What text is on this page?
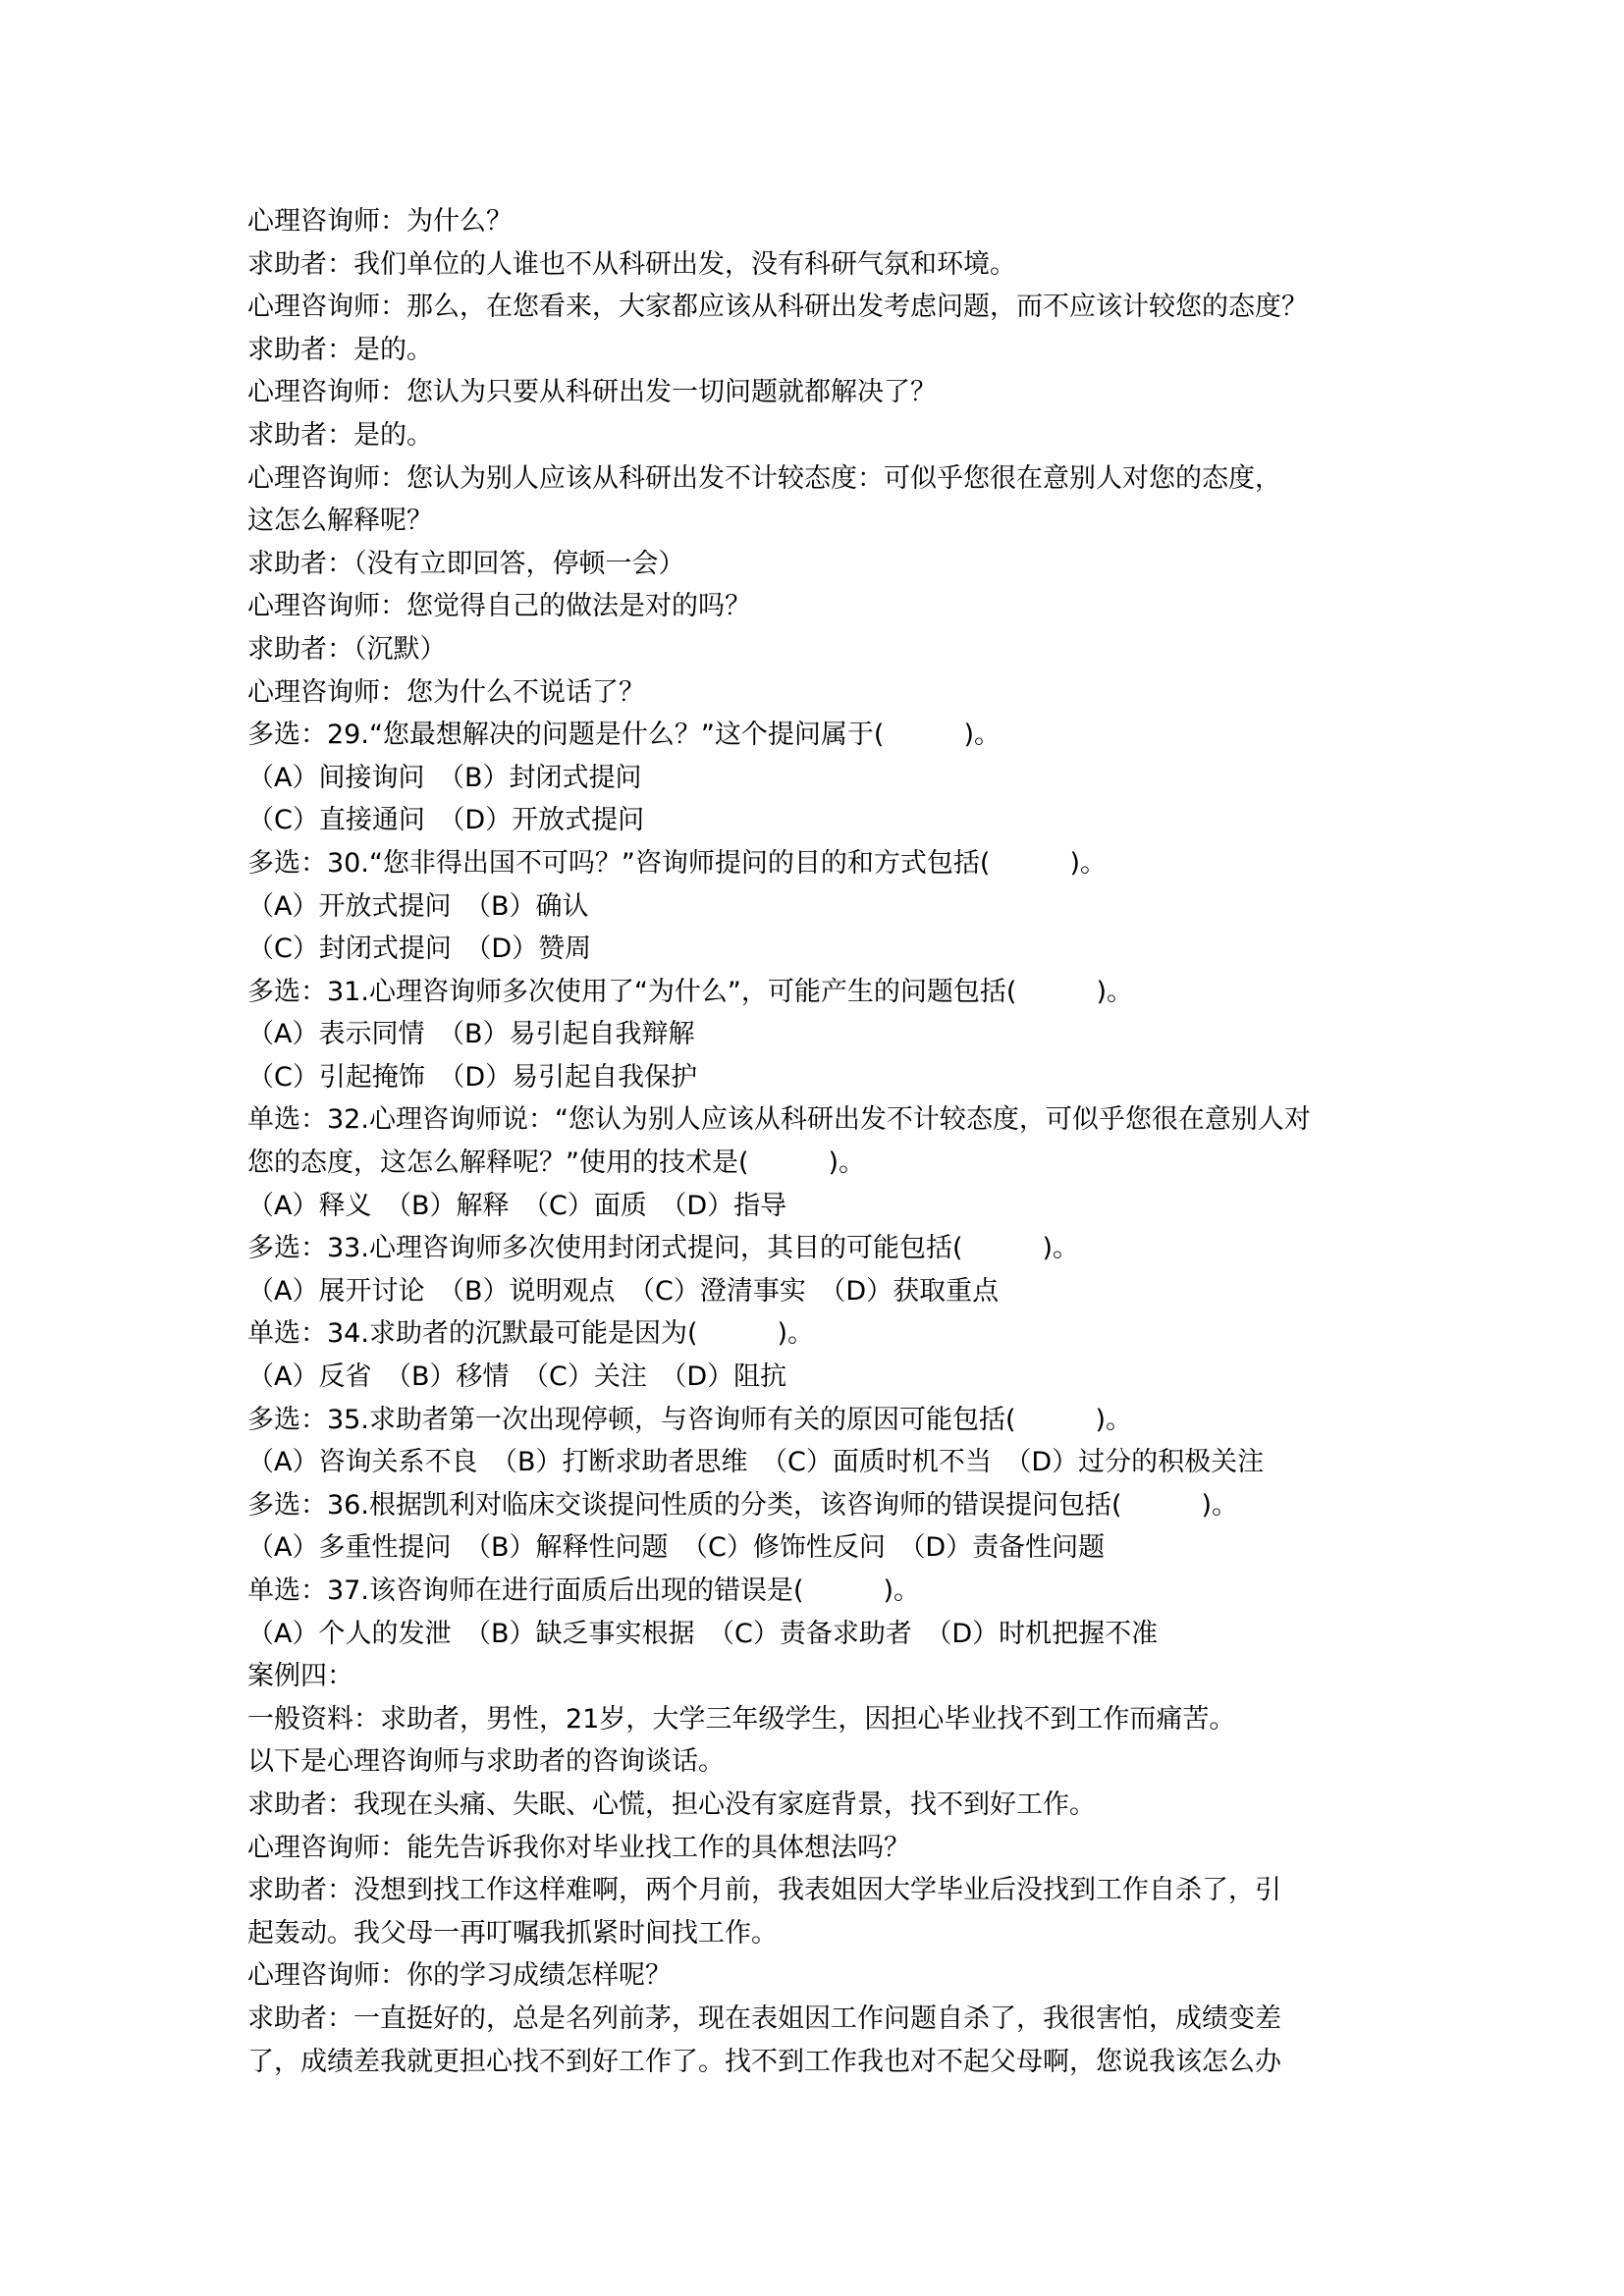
心理咨询师：为什么？
求助者：我们单位的人谁也不从科研出发，没有科研气氛和环境。
心理咨询师：那么，在您看来，大家都应该从科研出发考虑问题，而不应该计较您的态度？
求助者：是的。
心理咨询师：您认为只要从科研出发一切问题就都解决了？
求助者：是的。
心理咨询师：您认为别人应该从科研出发不计较态度：可似乎您很在意别人对您的态度，
这怎么解释呢？
求助者：（没有立即回答，停顿一会）
心理咨询师：您觉得自己的做法是对的吗？
求助者：（沉默）
心理咨询师：您为什么不说话了？
多选：29.“您最想解决的问题是什么？”这个提问属于(　　　)。
（A）间接询问　（B）封闭式提问
（C）直接通问　（D）开放式提问
多选：30.“您非得出国不可吗？”咨询师提问的目的和方式包括(　　　)。
（A）开放式提问　（B）确认
（C）封闭式提问　（D）赞周
多选：31.心理咨询师多次使用了“为什么”，可能产生的问题包括(　　　)。
（A）表示同情　（B）易引起自我辩解
（C）引起掩饰　（D）易引起自我保护
单选：32.心理咨询师说：“您认为别人应该从科研出发不计较态度，可似乎您很在意别人对
您的态度，这怎么解释呢？”使用的技术是(　　　)。
（A）释义　（B）解释　（C）面质　（D）指导
多选：33.心理咨询师多次使用封闭式提问，其目的可能包括(　　　)。
（A）展开讨论　（B）说明观点　（C）澄清事实　（D）获取重点
单选：34.求助者的沉默最可能是因为(　　　)。
（A）反省　（B）移情　（C）关注　（D）阻抗
多选：35.求助者第一次出现停顿，与咨询师有关的原因可能包括(　　　)。
（A）咨询关系不良　（B）打断求助者思维　（C）面质时机不当　（D）过分的积极关注
多选：36.根据凯利对临床交谈提问性质的分类，该咨询师的错误提问包括(　　　)。
（A）多重性提问　（B）解释性问题　（C）修饰性反问　（D）责备性问题
单选：37.该咨询师在进行面质后出现的错误是(　　　)。
（A）个人的发泄　（B）缺乏事实根据　（C）责备求助者　（D）时机把握不准
案例四：
一般资料：求助者，男性，21岁，大学三年级学生，因担心毕业找不到工作而痛苦。
以下是心理咨询师与求助者的咨询谈话。
求助者：我现在头痛、失眠、心慌，担心没有家庭背景，找不到好工作。
心理咨询师：能先告诉我你对毕业找工作的具体想法吗？
求助者：没想到找工作这样难啊，两个月前，我表姐因大学毕业后没找到工作自杀了，引
起轰动。我父母一再叮嘱我抓紧时间找工作。
心理咨询师：你的学习成绩怎样呢？
求助者：一直挺好的，总是名列前茅，现在表姐因工作问题自杀了，我很害怕，成绩变差
了，成绩差我就更担心找不到好工作了。找不到工作我也对不起父母啊，您说我该怎么办
